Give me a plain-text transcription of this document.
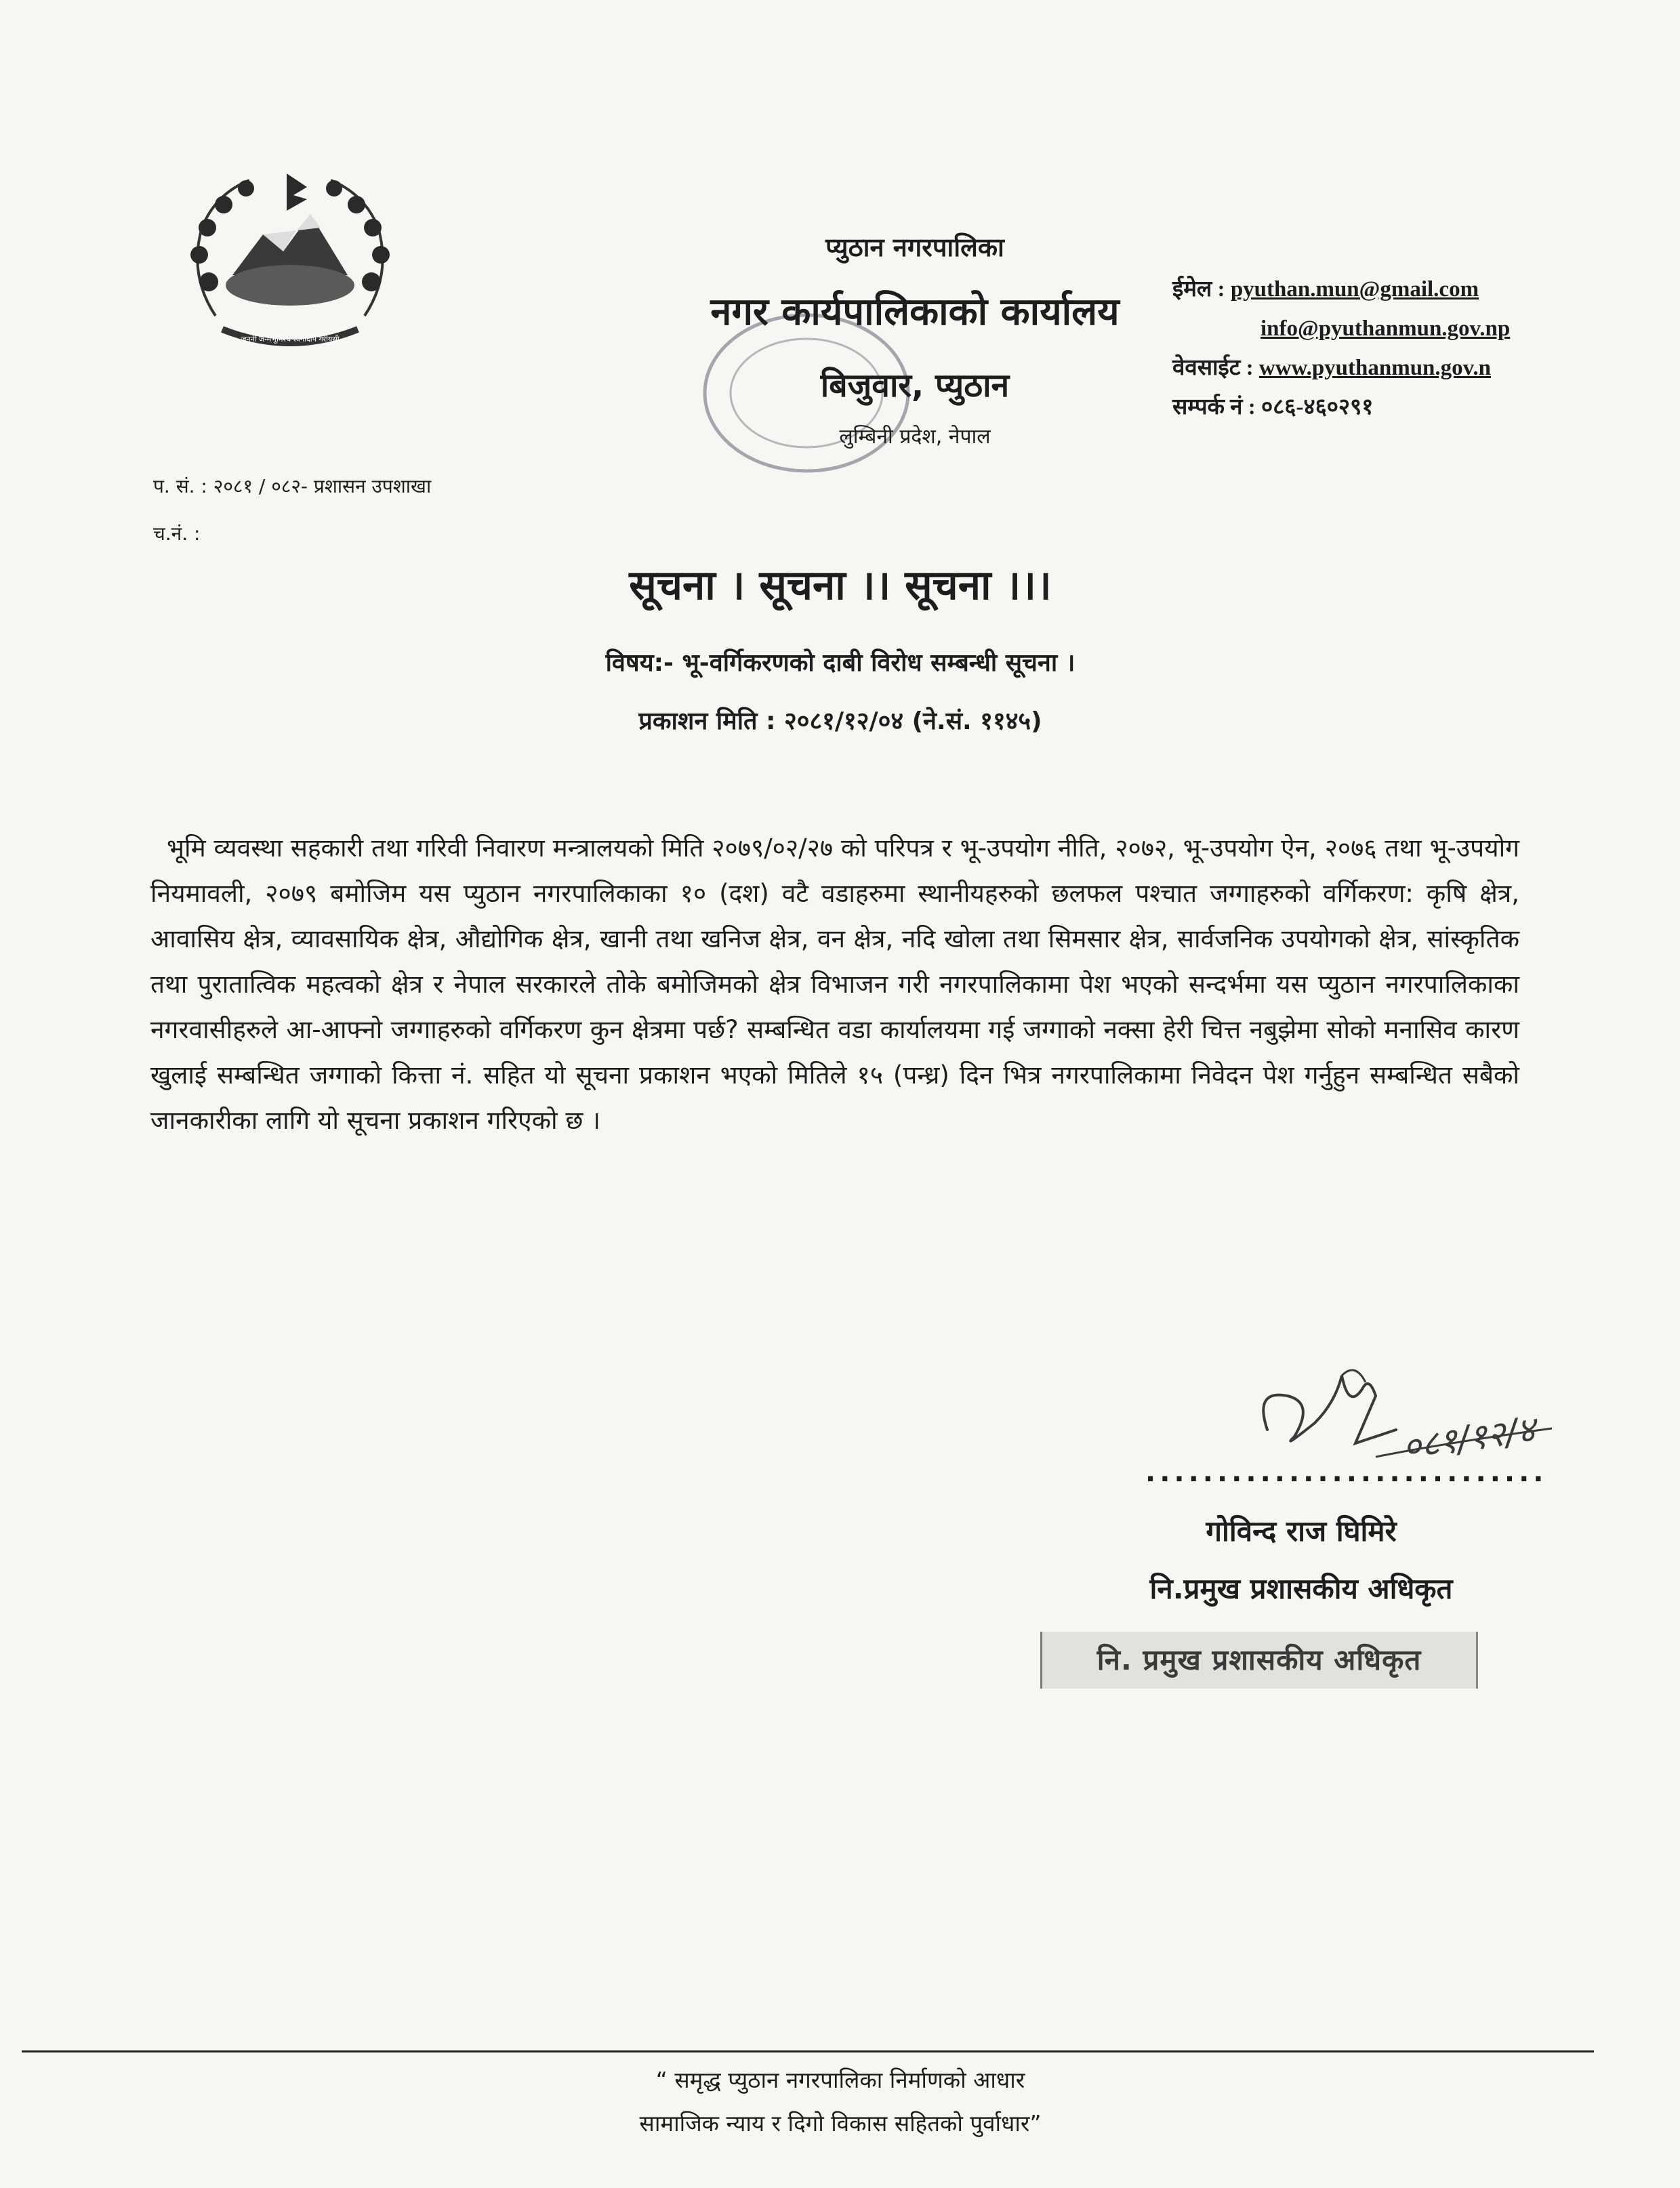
जननी जन्मभूमिश्च स्वर्गादपि गरीयसी
प्युठान नगरपालिका
नगर कार्यपालिकाको कार्यालय
बिजुवार, प्युठान
लुम्बिनी प्रदेश, नेपाल
ईमेल : pyuthan.mun@gmail.com
info@pyuthanmun.gov.np
वेवसाईट : www.pyuthanmun.gov.n
सम्पर्क नं : ०८६-४६०२९१
प. सं. : २०८१ / ०८२- प्रशासन उपशाखा
च.नं. :
सूचना । सूचना ।। सूचना ।।।
विषय:- भू-वर्गिकरणको दाबी विरोध सम्बन्धी सूचना ।
प्रकाशन मिति : २०८१/१२/०४ (ने.सं. ११४५)
भूमि व्यवस्था सहकारी तथा गरिवी निवारण मन्त्रालयको मिति २०७९/०२/२७ को परिपत्र र भू-उपयोग नीति, २०७२, भू-उपयोग ऐन, २०७६ तथा भू-उपयोग नियमावली, २०७९ बमोजिम यस प्युठान नगरपालिकाका १० (दश) वटै वडाहरुमा स्थानीयहरुको छलफल पश्चात जग्गाहरुको वर्गिकरण: कृषि क्षेत्र, आवासिय क्षेत्र, व्यावसायिक क्षेत्र, औद्योगिक क्षेत्र, खानी तथा खनिज क्षेत्र, वन क्षेत्र, नदि खोला तथा सिमसार क्षेत्र, सार्वजनिक उपयोगको क्षेत्र, सांस्कृतिक तथा पुरातात्विक महत्वको क्षेत्र र नेपाल सरकारले तोके बमोजिमको क्षेत्र विभाजन गरी नगरपालिकामा पेश भएको सन्दर्भमा यस प्युठान नगरपालिकाका नगरवासीहरुले आ-आफ्नो जग्गाहरुको वर्गिकरण कुन क्षेत्रमा पर्छ? सम्बन्धित वडा कार्यालयमा गई जग्गाको नक्सा हेरी चित्त नबुझेमा सोको मनासिव कारण खुलाई सम्बन्धित जग्गाको कित्ता नं. सहित यो सूचना प्रकाशन भएको मितिले १५ (पन्ध्र) दिन भित्र नगरपालिकामा निवेदन पेश गर्नुहुन सम्बन्धित सबैको जानकारीका लागि यो सूचना प्रकाशन गरिएको छ ।
०८१/१२/४
............................
गोविन्द राज घिमिरे
नि.प्रमुख प्रशासकीय अधिकृत
नि. प्रमुख प्रशासकीय अधिकृत
“ समृद्ध प्युठान नगरपालिका निर्माणको आधार
सामाजिक न्याय र दिगो विकास सहितको पुर्वाधार”
